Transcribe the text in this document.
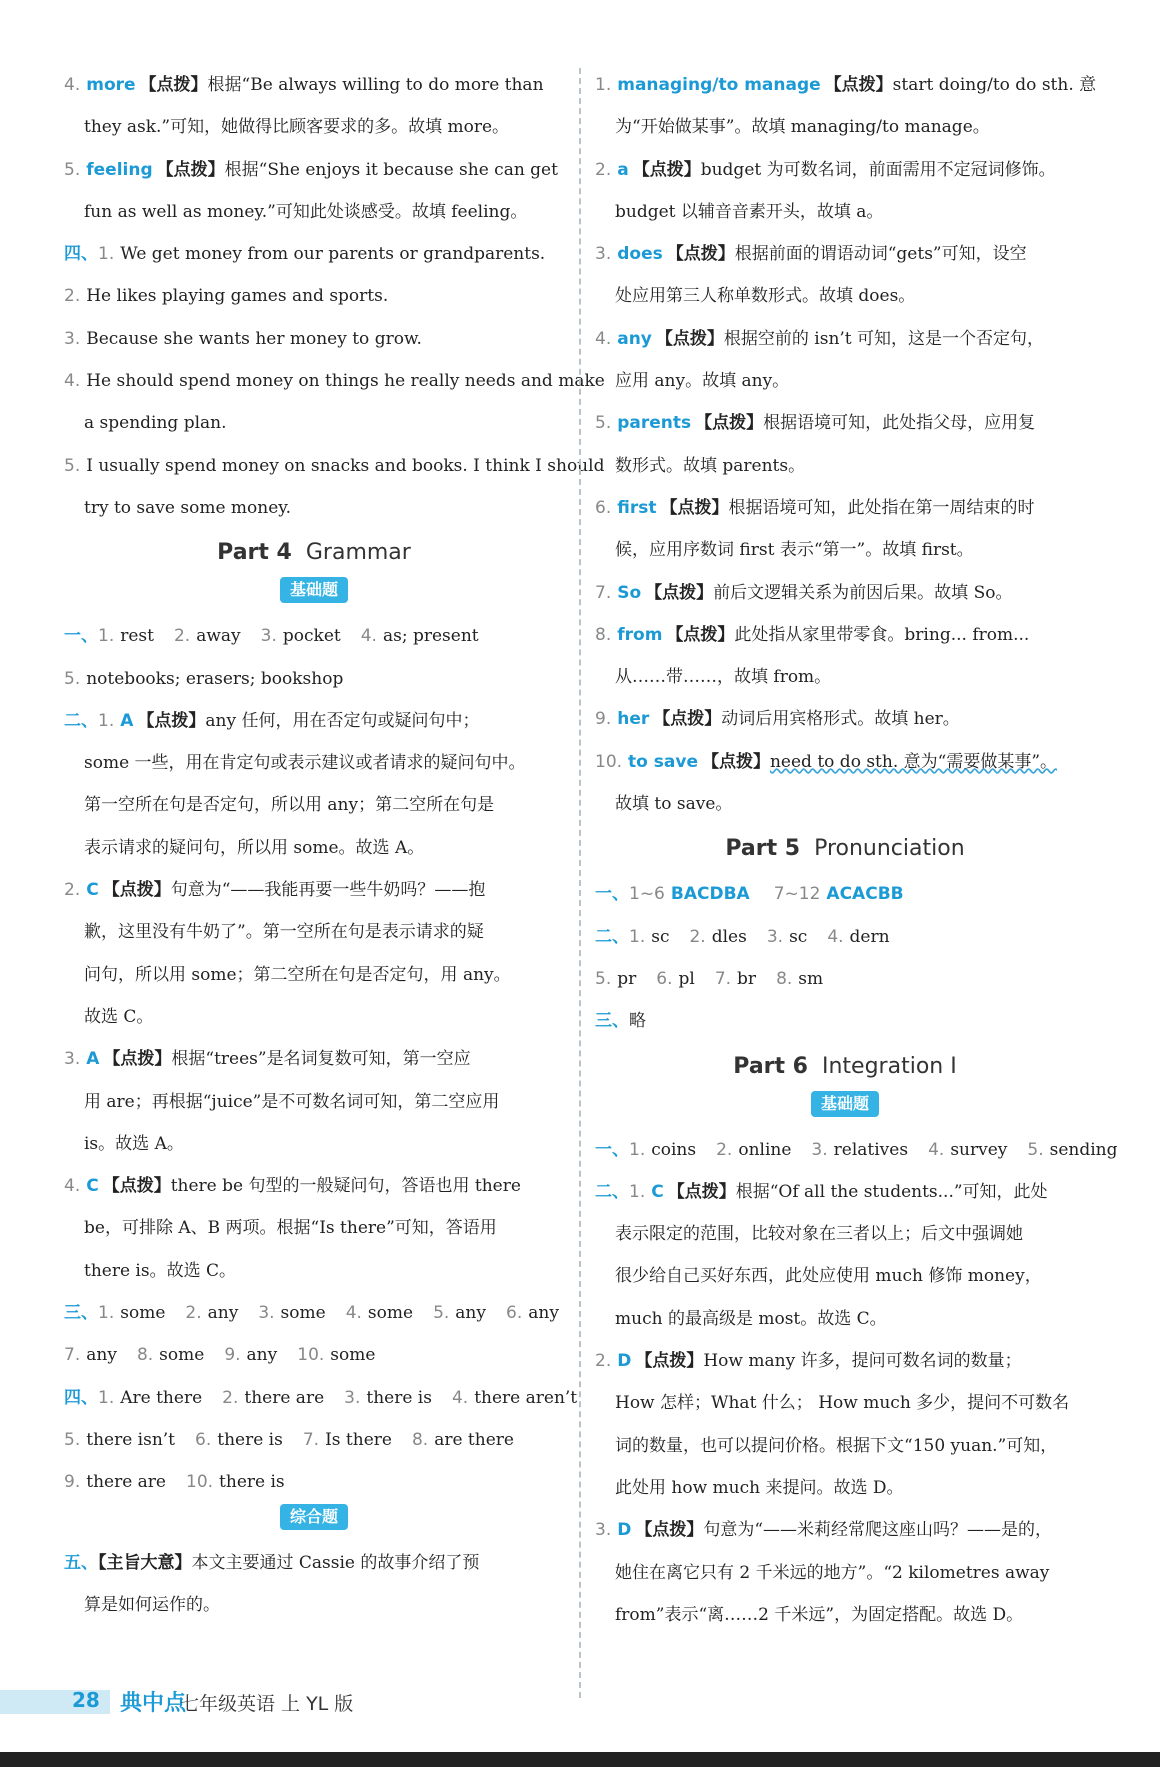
4. more 【点拨】根据“Be always willing to do more than
they ask.”可知，她做得比顾客要求的多。故填 more。
5. feeling 【点拨】根据“She enjoys it because she can get
fun as well as money.”可知此处谈感受。故填 feeling。
四、1. We get money from our parents or grandparents.
2. He likes playing games and sports.
3. Because she wants her money to grow.
4. He should spend money on things he really needs and make
a spending plan.
5. I usually spend money on snacks and books. I think I should
try to save some money.
Part 4 Grammar
基础题
一、1. rest 2. away 3. pocket 4. as; present
5. notebooks; erasers; bookshop
二、1. A 【点拨】any 任何，用在否定句或疑问句中；
some 一些，用在肯定句或表示建议或者请求的疑问句中。
第一空所在句是否定句，所以用 any；第二空所在句是
表示请求的疑问句，所以用 some。故选 A。
2. C 【点拨】句意为“——我能再要一些牛奶吗？——抱
歉，这里没有牛奶了”。第一空所在句是表示请求的疑
问句，所以用 some；第二空所在句是否定句，用 any。
故选 C。
3. A 【点拨】根据“trees”是名词复数可知，第一空应
用 are；再根据“juice”是不可数名词可知，第二空应用
is。故选 A。
4. C 【点拨】there be 句型的一般疑问句，答语也用 there
be，可排除 A、B 两项。根据“Is there”可知，答语用
there is。故选 C。
三、1. some 2. any 3. some 4. some 5. any 6. any
7. any 8. some 9. any 10. some
四、1. Are there 2. there are 3. there is 4. there aren’t
5. there isn’t 6. there is 7. Is there 8. are there
9. there are 10. there is
综合题
五、【主旨大意】本文主要通过 Cassie 的故事介绍了预
算是如何运作的。
1. managing/to manage 【点拨】start doing/to do sth. 意
为“开始做某事”。故填 managing/to manage。
2. a 【点拨】budget 为可数名词，前面需用不定冠词修饰。
budget 以辅音音素开头，故填 a。
3. does 【点拨】根据前面的谓语动词“gets”可知，设空
处应用第三人称单数形式。故填 does。
4. any 【点拨】根据空前的 isn’t 可知，这是一个否定句，
应用 any。故填 any。
5. parents 【点拨】根据语境可知，此处指父母，应用复
数形式。故填 parents。
6. first 【点拨】根据语境可知，此处指在第一周结束的时
候，应用序数词 first 表示“第一”。故填 first。
7. So 【点拨】前后文逻辑关系为前因后果。故填 So。
8. from 【点拨】此处指从家里带零食。bring... from...
从……带……，故填 from。
9. her 【点拨】动词后用宾格形式。故填 her。
10. to save 【点拨】need to do sth. 意为“需要做某事”。
故填 to save。
Part 5 Pronunciation
一、1~6 BACDBA 7~12 ACACBB
二、1. sc 2. dles 3. sc 4. dern
5. pr 6. pl 7. br 8. sm
三、略
Part 6 Integration I
基础题
一、1. coins 2. online 3. relatives 4. survey 5. sending
二、1. C 【点拨】根据“Of all the students...”可知，此处
表示限定的范围，比较对象在三者以上；后文中强调她
很少给自己买好东西，此处应使用 much 修饰 money，
much 的最高级是 most。故选 C。
2. D 【点拨】How many 许多，提问可数名词的数量；
How 怎样；What 什么； How much 多少，提问不可数名
词的数量，也可以提问价格。根据下文“150 yuan.”可知，
此处用 how much 来提问。故选 D。
3. D 【点拨】句意为“——米莉经常爬这座山吗？——是的，
她住在离它只有 2 千米远的地方”。“2 kilometres away
from”表示“离……2 千米远”，为固定搭配。故选 D。
28 典中点
七年级英语 上 YL 版
